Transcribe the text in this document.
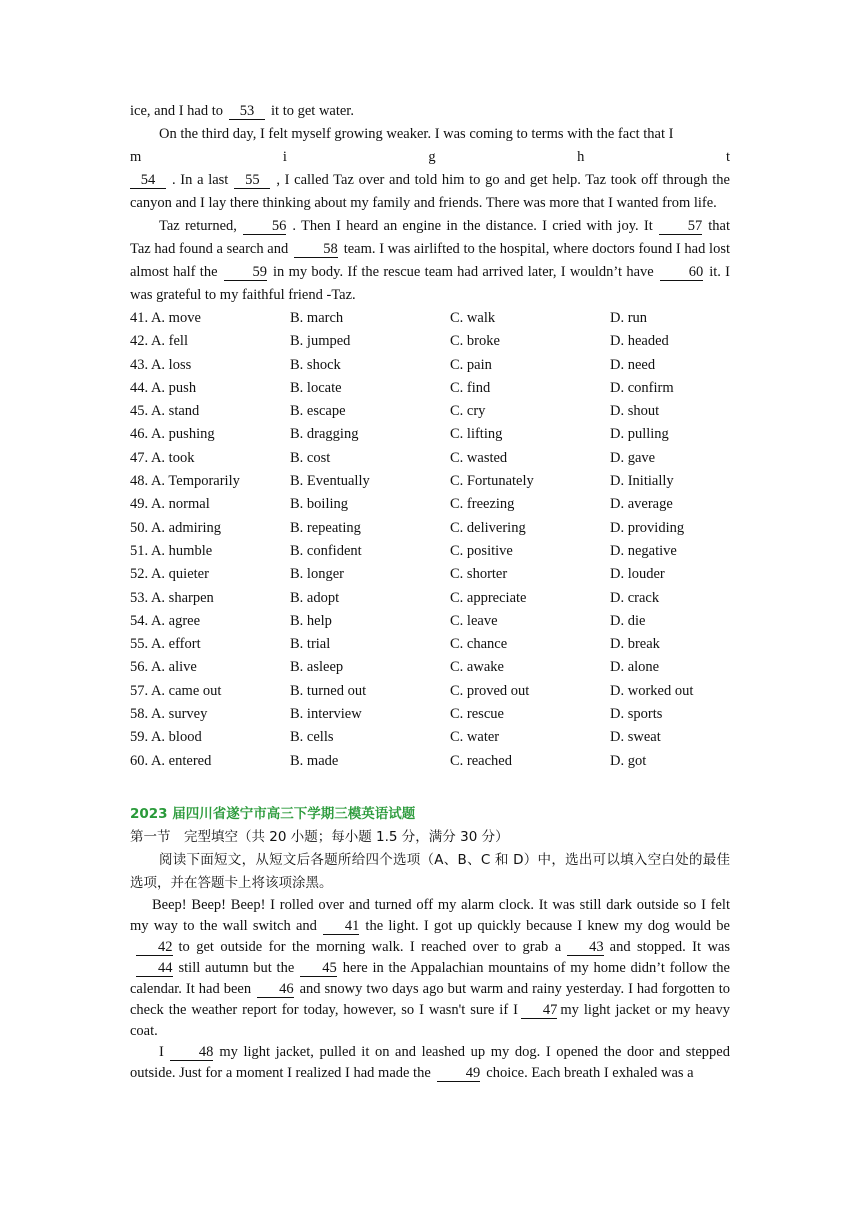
ice, and I had to 53 it to get water.

On the third day, I felt myself growing weaker. I was coming to terms with the fact that I

m	i	g	h	t

54 . In a last 55 , I called Taz over and told him to go and get help. Taz took off through the canyon and I lay there thinking about my family and friends. There was more that I wanted from life.

Taz returned, 56 . Then I heard an engine in the distance. I cried with joy. It 57 that Taz had found a search and 58 team. I was airlifted to the hospital, where doctors found I had lost almost half the 59 in my body. If the rescue team had arrived later, I wouldn’t have 60 it. I was grateful to my faithful friend -Taz.

41. A. move	B. march	C. walk	D. run
42. A. fell	B. jumped	C. broke	D. headed
43. A. loss	B. shock	C. pain	D. need
44. A. push	B. locate	C. find	D. confirm
45. A. stand	B. escape	C. cry	D. shout
46. A. pushing	B. dragging	C. lifting	D. pulling
47. A. took	B. cost	C. wasted	D. gave
48. A. Temporarily	B. Eventually	C. Fortunately	D. Initially
49. A. normal	B. boiling	C. freezing	D. average
50. A. admiring	B. repeating	C. delivering	D. providing
51. A. humble	B. confident	C. positive	D. negative
52. A. quieter	B. longer	C. shorter	D. louder
53. A. sharpen	B. adopt	C. appreciate	D. crack
54. A. agree	B. help	C. leave	D. die
55. A. effort	B. trial	C. chance	D. break
56. A. alive	B. asleep	C. awake	D. alone
57. A. came out	B. turned out	C. proved out	D. worked out
58. A. survey	B. interview	C. rescue	D. sports
59. A. blood	B. cells	C. water	D. sweat
60. A. entered	B. made	C. reached	D. got
2023 届四川省遂宁市高三下学期三模英语试题

第一节　完型填空（共 20 小题；每小题 1.5 分，满分 30 分）

阅读下面短文，从短文后各题所给四个选项（A、B、C 和 D）中，选出可以填入空白处的最佳选项，并在答题卡上将该项涂黑。

Beep! Beep! Beep! I rolled over and turned off my alarm clock. It was still dark outside so I felt my way to the wall switch and 41 the light. I got up quickly because I knew my dog would be42 to get outside for the morning walk. I reached over to grab a 43 and stopped. It was44 still autumn but the 45 here in the Appalachian mountains of my home didn’t follow the calendar. It had been 46 and snowy two days ago but warm and rainy yesterday. I had forgotten to check the weather report for today, however, so I wasn't sure if I 47 my light jacket or my heavy coat.

I 48 my light jacket, pulled it on and leashed up my dog. I opened the door and stepped outside. Just for a moment I realized I had made the 49 choice. Each breath I exhaled was a
